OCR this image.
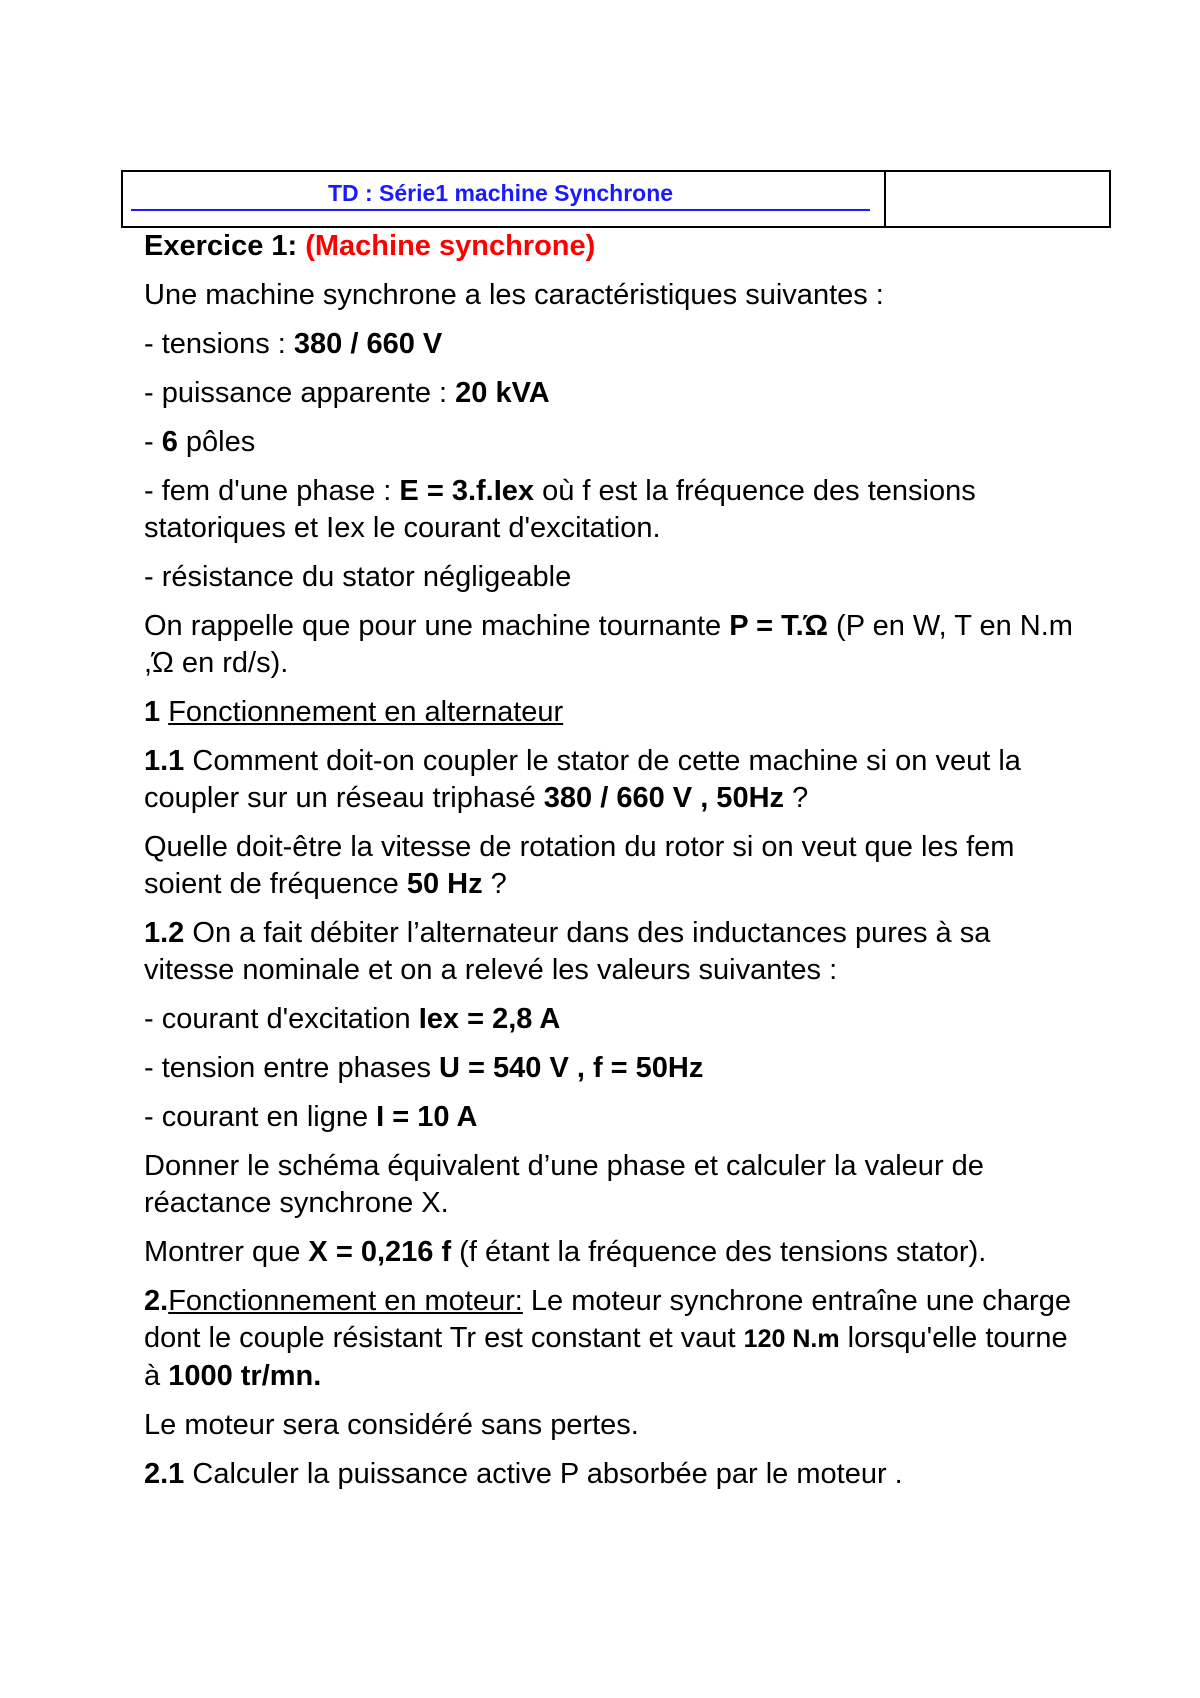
TD : Série1 machine Synchrone

Exercice 1: (Machine synchrone)

Une machine synchrone a les caractéristiques suivantes :

- tensions : 380 / 660 V

- puissance apparente : 20 kVA

- 6 pôles

- fem d'une phase : E = 3.f.Iex où f est la fréquence des tensions statoriques et Iex le courant d'excitation.

- résistance du stator négligeable

On rappelle que pour une machine tournante P = T.Ώ (P en W, T en N.m ,Ώ en rd/s).

1 Fonctionnement en alternateur

1.1 Comment doit-on coupler le stator de cette machine si on veut la coupler sur un réseau triphasé 380 / 660 V , 50Hz ?

Quelle doit-être la vitesse de rotation du rotor si on veut que les fem soient de fréquence 50 Hz ?

1.2 On a fait débiter l’alternateur dans des inductances pures à sa vitesse nominale et on a relevé les valeurs suivantes :

- courant d'excitation Iex = 2,8 A

- tension entre phases U = 540 V , f = 50Hz

- courant en ligne I = 10 A

Donner le schéma équivalent d’une phase et calculer la valeur de réactance synchrone X.

Montrer que X = 0,216 f (f étant la fréquence des tensions stator).

2.Fonctionnement en moteur: Le moteur synchrone entraîne une charge dont le couple résistant Tr est constant et vaut 120 N.m lorsqu'elle tourne à 1000 tr/mn.

Le moteur sera considéré sans pertes.

2.1 Calculer la puissance active P absorbée par le moteur .
